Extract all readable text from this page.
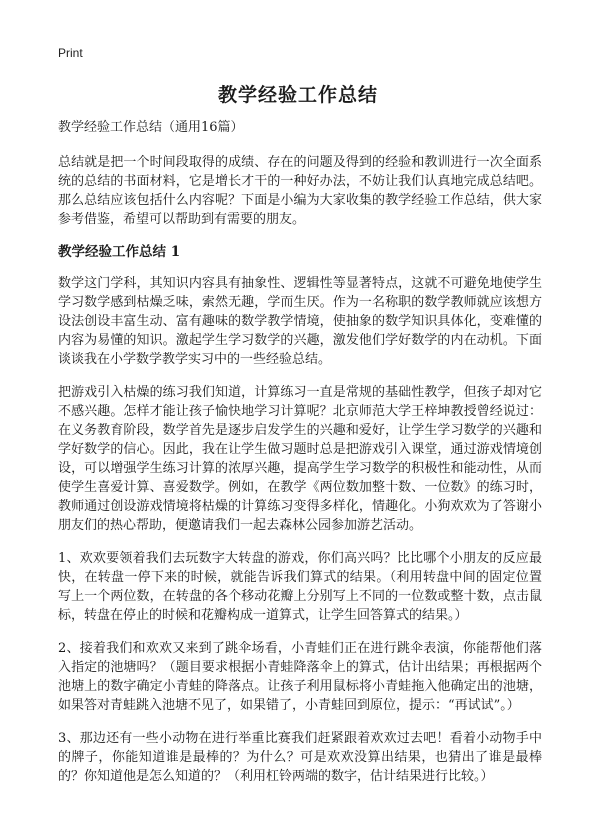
Print
教学经验工作总结

教学经验工作总结（通用16篇）

总结就是把一个时间段取得的成绩、存在的问题及得到的经验和教训进行一次全面系统的总结的书面材料，它是增长才干的一种好办法，不妨让我们认真地完成总结吧。那么总结应该包括什么内容呢？下面是小编为大家收集的教学经验工作总结，供大家参考借鉴，希望可以帮助到有需要的朋友。

教学经验工作总结 1

数学这门学科，其知识内容具有抽象性、逻辑性等显著特点，这就不可避免地使学生学习数学感到枯燥乏味，索然无趣，学而生厌。作为一名称职的数学教师就应该想方设法创设丰富生动、富有趣味的数学教学情境，使抽象的数学知识具体化，变难懂的内容为易懂的知识。激起学生学习数学的兴趣，激发他们学好数学的内在动机。下面谈谈我在小学数学教学实习中的一些经验总结。

把游戏引入枯燥的练习我们知道，计算练习一直是常规的基础性教学，但孩子却对它不感兴趣。怎样才能让孩子愉快地学习计算呢？北京师范大学王梓坤教授曾经说过：在义务教育阶段，数学首先是逐步启发学生的兴趣和爱好，让学生学习数学的兴趣和学好数学的信心。因此，我在让学生做习题时总是把游戏引入课堂，通过游戏情境创设，可以增强学生练习计算的浓厚兴趣，提高学生学习数学的积极性和能动性，从而使学生喜爱计算、喜爱数学。例如，在教学《两位数加整十数、一位数》的练习时，教师通过创设游戏情境将枯燥的计算练习变得多样化，情趣化。小狗欢欢为了答谢小朋友们的热心帮助，便邀请我们一起去森林公园参加游艺活动。

1、欢欢要领着我们去玩数字大转盘的游戏，你们高兴吗？比比哪个小朋友的反应最快，在转盘一停下来的时候，就能告诉我们算式的结果。（利用转盘中间的固定位置写上一个两位数，在转盘的各个移动花瓣上分别写上不同的一位数或整十数，点击鼠标，转盘在停止的时候和花瓣构成一道算式，让学生回答算式的结果。）

2、接着我们和欢欢又来到了跳伞场看，小青蛙们正在进行跳伞表演，你能帮他们落入指定的池塘吗？（题目要求根据小青蛙降落伞上的算式，估计出结果；再根据两个池塘上的数字确定小青蛙的降落点。让孩子利用鼠标将小青蛙拖入他确定出的池塘，如果答对青蛙跳入池塘不见了，如果错了，小青蛙回到原位，提示：“再试试”。）

3、那边还有一些小动物在进行举重比赛我们赶紧跟着欢欢过去吧！看着小动物手中的牌子，你能知道谁是最棒的？为什么？可是欢欢没算出结果，也猜出了谁是最棒的？你知道他是怎么知道的？（利用杠铃两端的数字，估计结果进行比较。）
